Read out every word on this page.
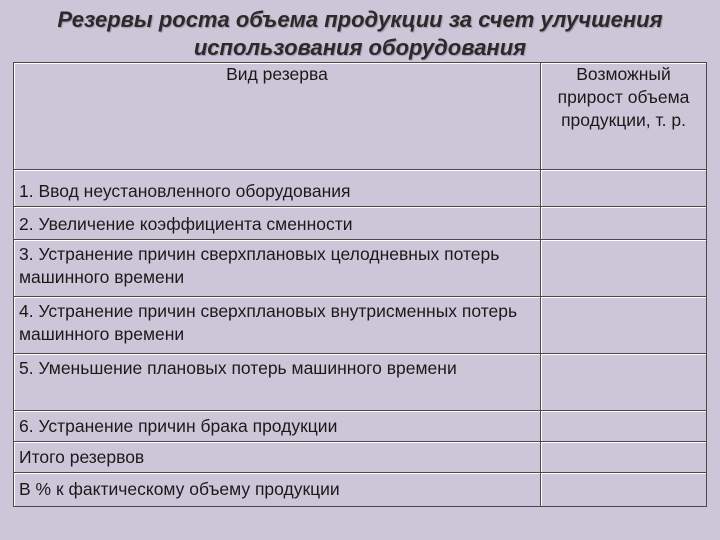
Резервы роста объема продукции за счет улучшения
использования оборудования
Вид резерва	Возможный прирост объема продукции, т. р.
1. Ввод неустановленного оборудования	
2. Увеличение коэффициента сменности	
3. Устранение причин сверхплановых целодневных потерь машинного времени	
4. Устранение причин сверхплановых внутрисменных потерь машинного времени	
5. Уменьшение плановых потерь машинного времени	
6. Устранение причин брака продукции	
Итого резервов	
В % к фактическому объему продукции	
